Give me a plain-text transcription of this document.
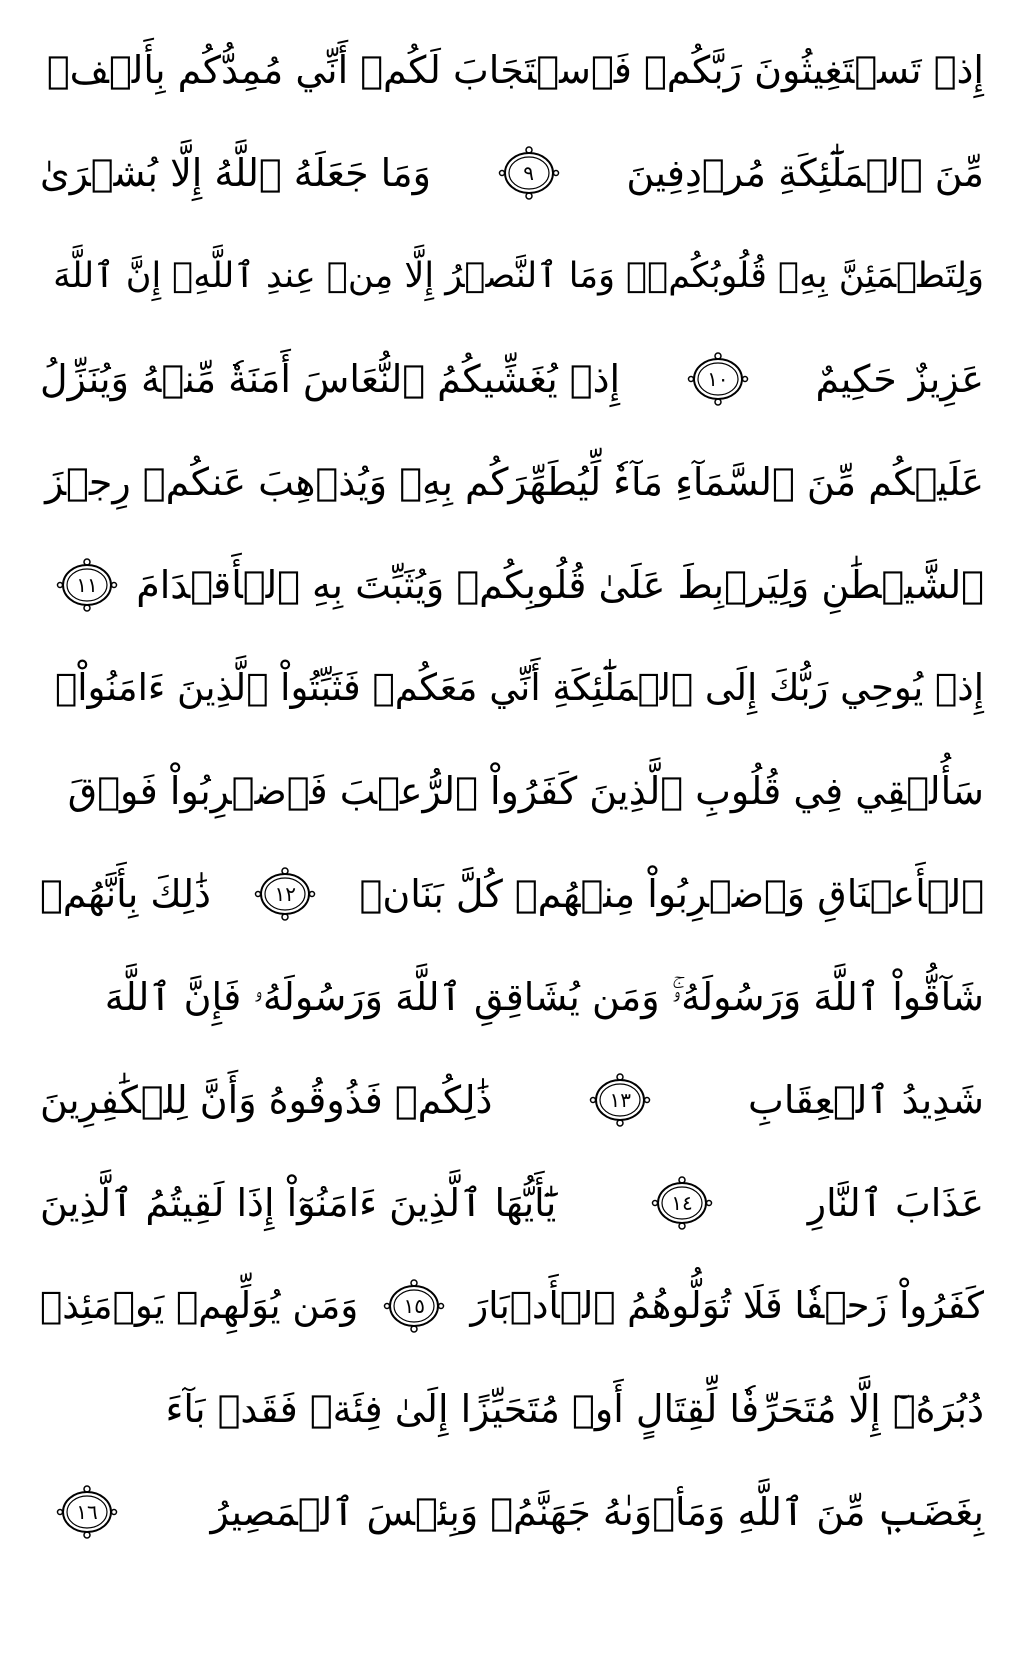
إِذۡ تَسۡتَغِيثُونَ رَبَّكُمۡ فَٱسۡتَجَابَ لَكُمۡ أَنِّي مُمِدُّكُم بِأَلۡفٖ
مِّنَ ٱلۡمَلَٰٓئِكَةِ مُرۡدِفِينَ
٩
وَمَا جَعَلَهُ ٱللَّهُ إِلَّا بُشۡرَىٰ
وَلِتَطۡمَئِنَّ بِهِۦ قُلُوبُكُمۡۚ وَمَا ٱلنَّصۡرُ إِلَّا مِنۡ عِندِ ٱللَّهِۚ إِنَّ ٱللَّهَ
عَزِيزٌ حَكِيمٌ
١٠
إِذۡ يُغَشِّيكُمُ ٱلنُّعَاسَ أَمَنَةٗ مِّنۡهُ وَيُنَزِّلُ
عَلَيۡكُم مِّنَ ٱلسَّمَآءِ مَآءٗ لِّيُطَهِّرَكُم بِهِۦ وَيُذۡهِبَ عَنكُمۡ رِجۡزَ
ٱلشَّيۡطَٰنِ وَلِيَرۡبِطَ عَلَىٰ قُلُوبِكُمۡ وَيُثَبِّتَ بِهِ ٱلۡأَقۡدَامَ
١١
إِذۡ يُوحِي رَبُّكَ إِلَى ٱلۡمَلَٰٓئِكَةِ أَنِّي مَعَكُمۡ فَثَبِّتُواْ ٱلَّذِينَ ءَامَنُواْۚ
سَأُلۡقِي فِي قُلُوبِ ٱلَّذِينَ كَفَرُواْ ٱلرُّعۡبَ فَٱضۡرِبُواْ فَوۡقَ
ٱلۡأَعۡنَاقِ وَٱضۡرِبُواْ مِنۡهُمۡ كُلَّ بَنَانٖ
١٢
ذَٰلِكَ بِأَنَّهُمۡ
شَآقُّواْ ٱللَّهَ وَرَسُولَهُۥۚ وَمَن يُشَاقِقِ ٱللَّهَ وَرَسُولَهُۥ فَإِنَّ ٱللَّهَ
شَدِيدُ ٱلۡعِقَابِ
١٣
ذَٰلِكُمۡ فَذُوقُوهُ وَأَنَّ لِلۡكَٰفِرِينَ
عَذَابَ ٱلنَّارِ
١٤
يَٰٓأَيُّهَا ٱلَّذِينَ ءَامَنُوٓاْ إِذَا لَقِيتُمُ ٱلَّذِينَ
كَفَرُواْ زَحۡفٗا فَلَا تُوَلُّوهُمُ ٱلۡأَدۡبَارَ
١٥
وَمَن يُوَلِّهِمۡ يَوۡمَئِذٖ
دُبُرَهُۥٓ إِلَّا مُتَحَرِّفٗا لِّقِتَالٍ أَوۡ مُتَحَيِّزًا إِلَىٰ فِئَةٖ فَقَدۡ بَآءَ
بِغَضَبٖ مِّنَ ٱللَّهِ وَمَأۡوَىٰهُ جَهَنَّمُۖ وَبِئۡسَ ٱلۡمَصِيرُ
١٦
